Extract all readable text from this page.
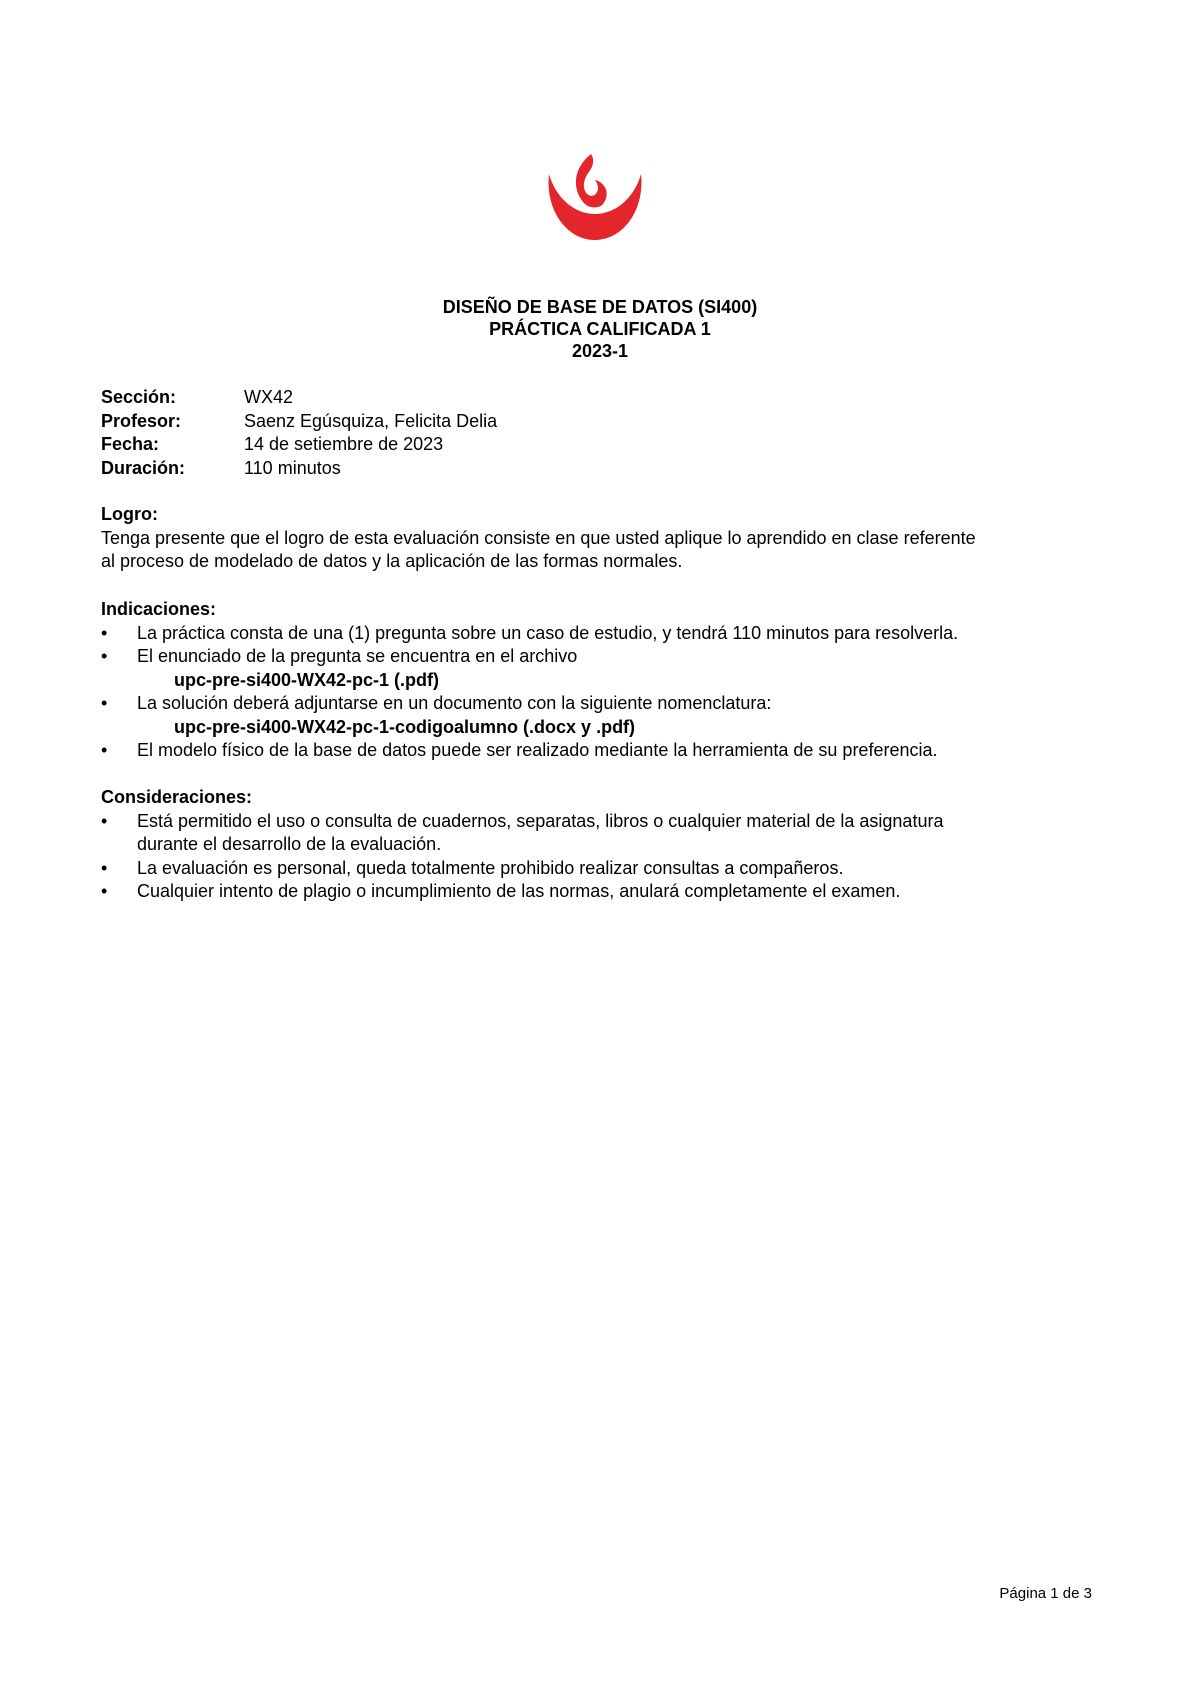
DISEÑO DE BASE DE DATOS (SI400)
PRÁCTICA CALIFICADA 1
2023-1
Sección:	WX42
Profesor:	Saenz Egúsquiza, Felicita Delia
Fecha:	14 de setiembre de 2023
Duración:	110 minutos
Logro:

Tenga presente que el logro de esta evaluación consiste en que usted aplique lo aprendido en clase referente

al proceso de modelado de datos y la aplicación de las formas normales.

Indicaciones:
• La práctica consta de una (1) pregunta sobre un caso de estudio, y tendrá 110 minutos para resolverla.
• El enunciado de la pregunta se encuentra en el archivo
upc-pre-si400-WX42-pc-1 (.pdf)
• La solución deberá adjuntarse en un documento con la siguiente nomenclatura:
upc-pre-si400-WX42-pc-1-codigoalumno (.docx y .pdf)
• El modelo físico de la base de datos puede ser realizado mediante la herramienta de su preferencia.
Consideraciones:
• Está permitido el uso o consulta de cuadernos, separatas, libros o cualquier material de la asignatura
durante el desarrollo de la evaluación.
• La evaluación es personal, queda totalmente prohibido realizar consultas a compañeros.
• Cualquier intento de plagio o incumplimiento de las normas, anulará completamente el examen.
Página 1 de 3
